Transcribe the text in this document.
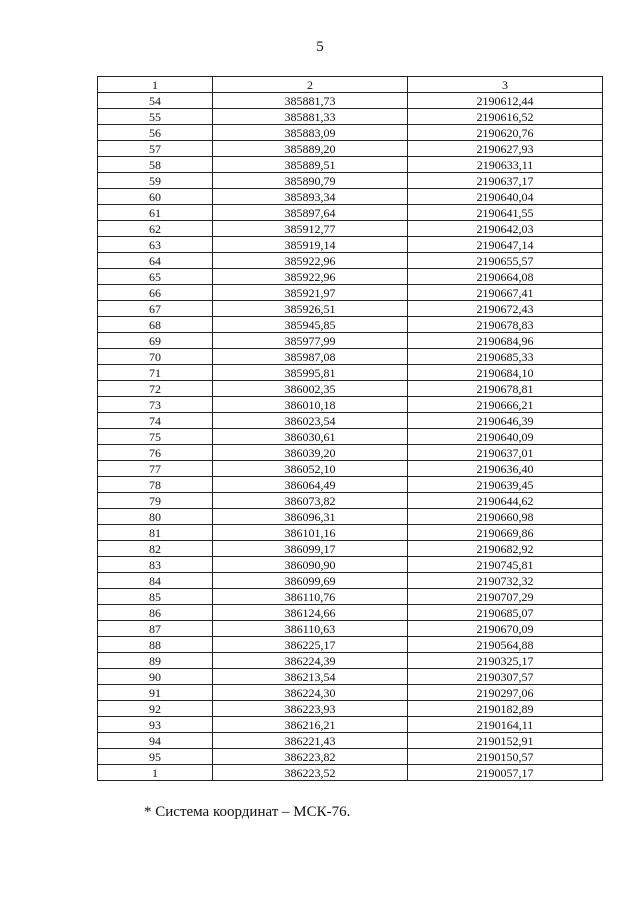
5
1	2	3
54	385881,73	2190612,44
55	385881,33	2190616,52
56	385883,09	2190620,76
57	385889,20	2190627,93
58	385889,51	2190633,11
59	385890,79	2190637,17
60	385893,34	2190640,04
61	385897,64	2190641,55
62	385912,77	2190642,03
63	385919,14	2190647,14
64	385922,96	2190655,57
65	385922,96	2190664,08
66	385921,97	2190667,41
67	385926,51	2190672,43
68	385945,85	2190678,83
69	385977,99	2190684,96
70	385987,08	2190685,33
71	385995,81	2190684,10
72	386002,35	2190678,81
73	386010,18	2190666,21
74	386023,54	2190646,39
75	386030,61	2190640,09
76	386039,20	2190637,01
77	386052,10	2190636,40
78	386064,49	2190639,45
79	386073,82	2190644,62
80	386096,31	2190660,98
81	386101,16	2190669,86
82	386099,17	2190682,92
83	386090,90	2190745,81
84	386099,69	2190732,32
85	386110,76	2190707,29
86	386124,66	2190685,07
87	386110,63	2190670,09
88	386225,17	2190564,88
89	386224,39	2190325,17
90	386213,54	2190307,57
91	386224,30	2190297,06
92	386223,93	2190182,89
93	386216,21	2190164,11
94	386221,43	2190152,91
95	386223,82	2190150,57
1	386223,52	2190057,17
* Система координат – МСК-76.
